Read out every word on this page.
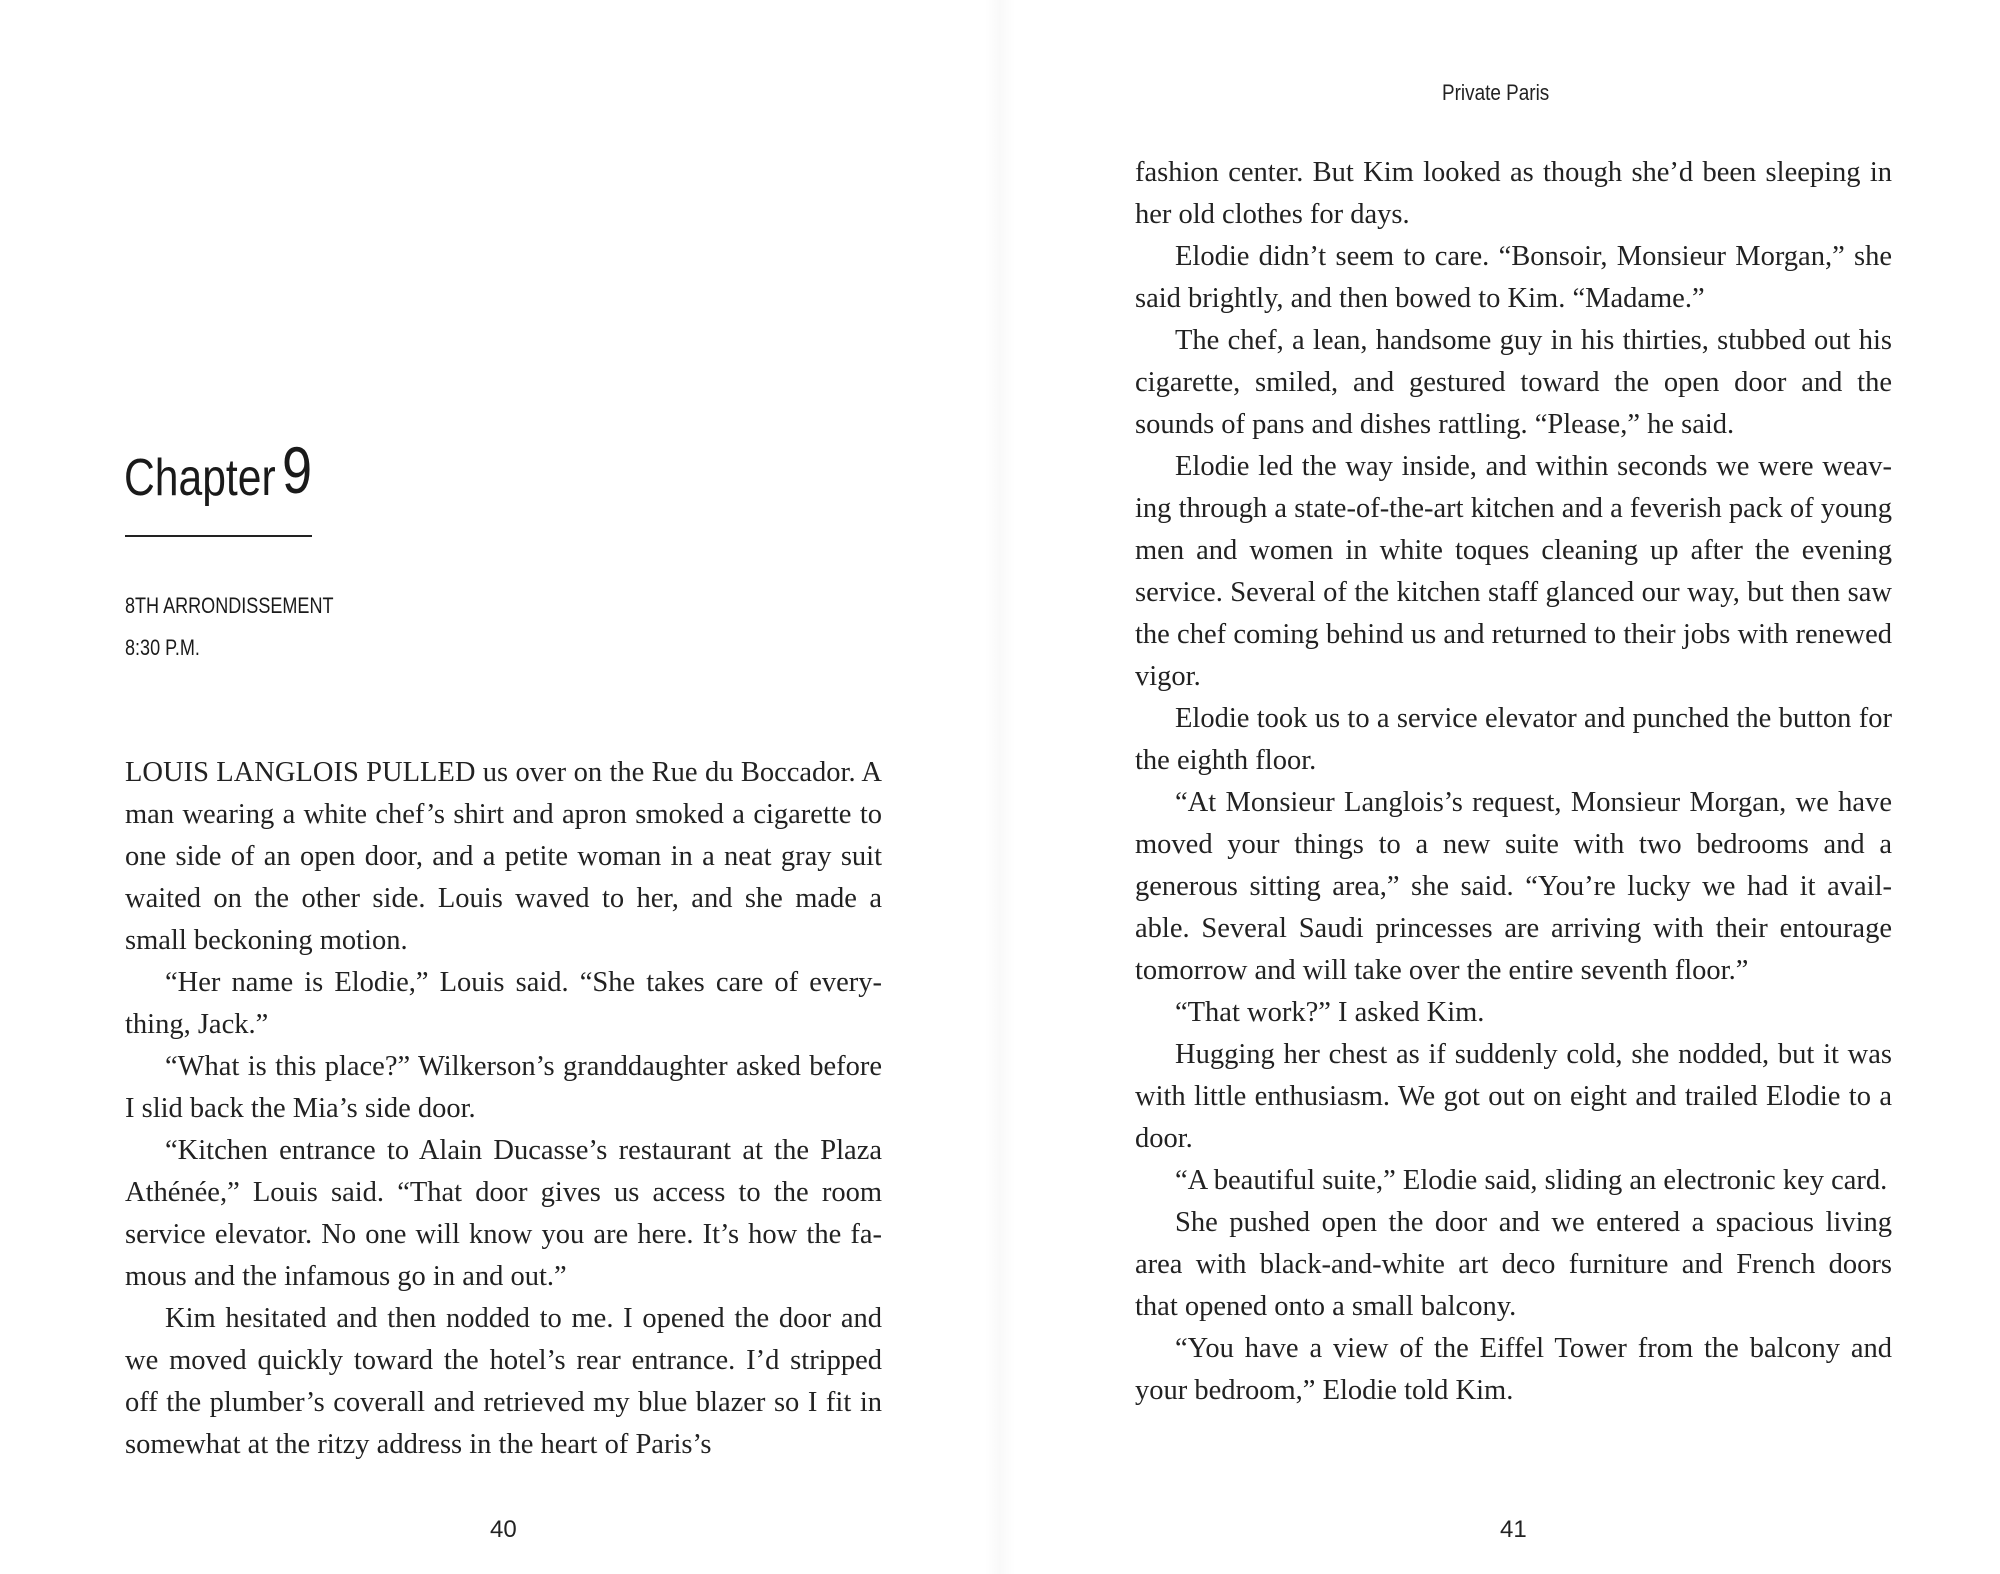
Chapter 9
8TH ARRONDISSEMENT
8:30 P.M.

LOUIS LANGLOIS PULLED us over on the Rue du Boccador. A man wearing a white chef’s shirt and apron smoked a cigarette to one side of an open door, and a petite woman in a neat gray suit waited on the other side. Louis waved to her, and she made a small beckoning motion.

“Her name is Elodie,” Louis said. “She takes care of everything, Jack.”

“What is this place?” Wilkerson’s granddaughter asked before I slid back the Mia’s side door.

“Kitchen entrance to Alain Ducasse’s restaurant at the Plaza Athénée,” Louis said. “That door gives us access to the room service elevator. No one will know you are here. It’s how the famous and the infamous go in and out.”

Kim hesitated and then nodded to me. I opened the door and we moved quickly toward the hotel’s rear entrance. I’d stripped off the plumber’s coverall and retrieved my blue blazer so I fit in somewhat at the ritzy address in the heart of Paris’s

40
Private Paris

fashion center. But Kim looked as though she’d been sleeping in her old clothes for days.

Elodie didn’t seem to care. “Bonsoir, Monsieur Morgan,” she said brightly, and then bowed to Kim. “Madame.”

The chef, a lean, handsome guy in his thirties, stubbed out his cigarette, smiled, and gestured toward the open door and the sounds of pans and dishes rattling. “Please,” he said.

Elodie led the way inside, and within seconds we were weaving through a state-of-the-art kitchen and a feverish pack of young men and women in white toques cleaning up after the evening service. Several of the kitchen staff glanced our way, but then saw the chef coming behind us and returned to their jobs with renewed vigor.

Elodie took us to a service elevator and punched the button for the eighth floor.

“At Monsieur Langlois’s request, Monsieur Morgan, we have moved your things to a new suite with two bedrooms and a generous sitting area,” she said. “You’re lucky we had it available. Several Saudi princesses are arriving with their entourage tomorrow and will take over the entire seventh floor.”

“That work?” I asked Kim.

Hugging her chest as if suddenly cold, she nodded, but it was with little enthusiasm. We got out on eight and trailed Elodie to a door.

“A beautiful suite,” Elodie said, sliding an electronic key card.

She pushed open the door and we entered a spacious living area with black-and-white art deco furniture and French doors that opened onto a small balcony.

“You have a view of the Eiffel Tower from the balcony and your bedroom,” Elodie told Kim.

41
